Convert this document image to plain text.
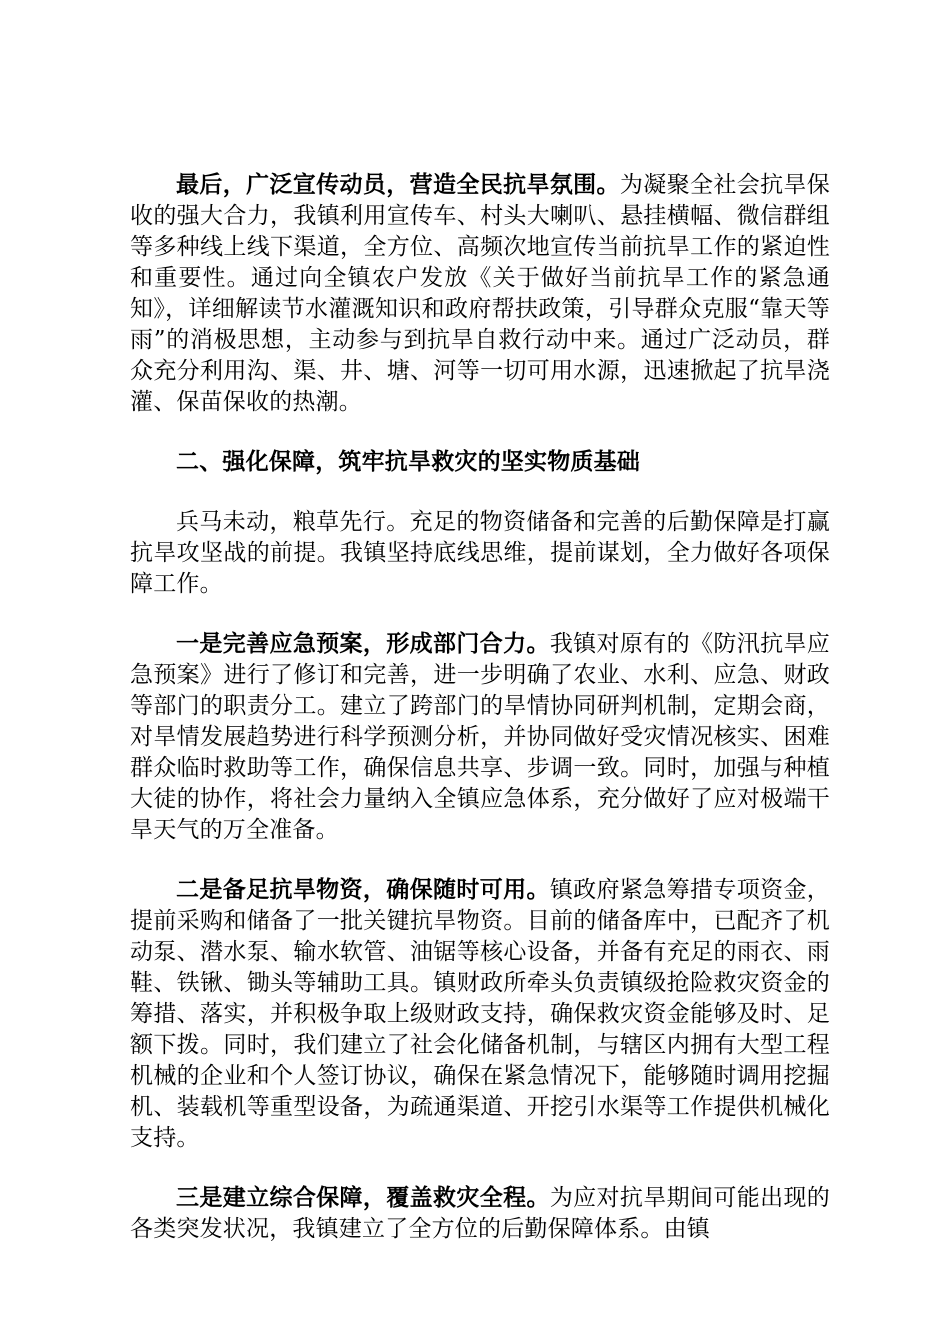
最后，广泛宣传动员，营造全民抗旱氛围。为凝聚全社会抗旱保收的强大合力，我镇利用宣传车、村头大喇叭、悬挂横幅、微信群组等多种线上线下渠道，全方位、高频次地宣传当前抗旱工作的紧迫性和重要性。通过向全镇农户发放《关于做好当前抗旱工作的紧急通知》，详细解读节水灌溉知识和政府帮扶政策，引导群众克服“靠天等雨”的消极思想，主动参与到抗旱自救行动中来。通过广泛动员，群众充分利用沟、渠、井、塘、河等一切可用水源，迅速掀起了抗旱浇灌、保苗保收的热潮。

二、强化保障，筑牢抗旱救灾的坚实物质基础

兵马未动，粮草先行。充足的物资储备和完善的后勤保障是打赢抗旱攻坚战的前提。我镇坚持底线思维，提前谋划，全力做好各项保障工作。

一是完善应急预案，形成部门合力。我镇对原有的《防汛抗旱应急预案》进行了修订和完善，进一步明确了农业、水利、应急、财政等部门的职责分工。建立了跨部门的旱情协同研判机制，定期会商，对旱情发展趋势进行科学预测分析，并协同做好受灾情况核实、困难群众临时救助等工作，确保信息共享、步调一致。同时，加强与种植大徒的协作，将社会力量纳入全镇应急体系，充分做好了应对极端干旱天气的万全准备。

二是备足抗旱物资，确保随时可用。镇政府紧急筹措专项资金，提前采购和储备了一批关键抗旱物资。目前的储备库中，已配齐了机动泵、潜水泵、输水软管、油锯等核心设备，并备有充足的雨衣、雨鞋、铁锹、锄头等辅助工具。镇财政所牵头负责镇级抢险救灾资金的筹措、落实，并积极争取上级财政支持，确保救灾资金能够及时、足额下拨。同时，我们建立了社会化储备机制，与辖区内拥有大型工程机械的企业和个人签订协议，确保在紧急情况下，能够随时调用挖掘机、装载机等重型设备，为疏通渠道、开挖引水渠等工作提供机械化支持。

三是建立综合保障，覆盖救灾全程。为应对抗旱期间可能出现的各类突发状况，我镇建立了全方位的后勤保障体系。由镇
